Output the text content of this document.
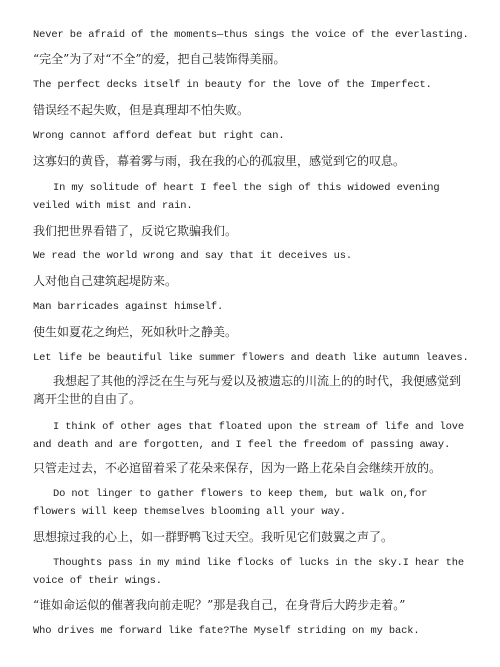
Never be afraid of the moments—thus sings the voice of the everlasting.
“完全”为了对“不全”的爱，把自己装饰得美丽。
The perfect decks itself in beauty for the love of the Imperfect.
错误经不起失败，但是真理却不怕失败。
Wrong cannot afford defeat but right can.
这寡妇的黄昏，幕着雾与雨，我在我的心的孤寂里，感觉到它的叹息。
In my solitude of heart I feel the sigh of this widowed evening veiled with mist and rain.
我们把世界看错了，反说它欺骗我们。
We read the world wrong and say that it deceives us.
人对他自己建筑起堤防来。
Man barricades against himself.
使生如夏花之绚烂，死如秋叶之静美。
Let life be beautiful like summer flowers and death like autumn leaves.
我想起了其他的浮泛在生与死与爱以及被遗忘的川流上的的时代，我便感觉到离开尘世的自由了。
I think of other ages that floated upon the stream of life and love and death and are forgotten, and I feel the freedom of passing away.
只管走过去，不必逭留着采了花朵来保存，因为一路上花朵自会继续开放的。
Do not linger to gather flowers to keep them, but walk on,for flowers will keep themselves blooming all your way.
思想掠过我的心上，如一群野鸭飞过天空。我听见它们鼓翼之声了。
Thoughts pass in my mind like flocks of lucks in the sky.I hear the voice of their wings.
“谁如命运似的催著我向前走呢？”那是我自己，在身背后大跨步走着。”
Who drives me forward like fate?The Myself striding on my back.
